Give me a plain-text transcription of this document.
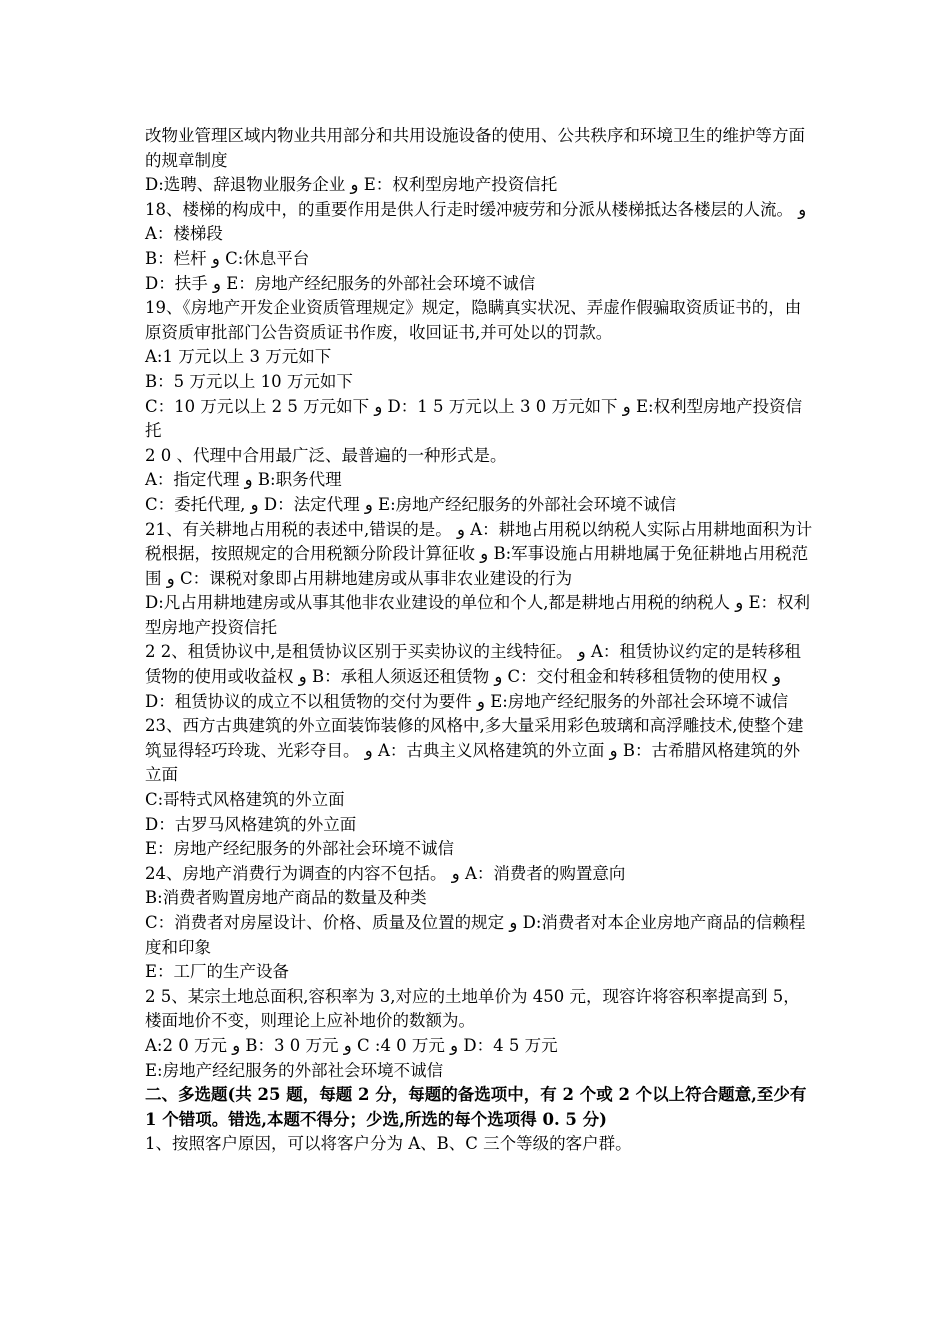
改物业管理区域内物业共用部分和共用设施设备的使用、公共秩序和环境卫生的维护等方面的规章制度

D:选聘、辞退物业服务企业 و E：权利型房地产投资信托

18、楼梯的构成中，的重要作用是供人行走时缓冲疲劳和分派从楼梯抵达各楼层的人流。 و A：楼梯段

B：栏杆 و C:休息平台

D：扶手 و E：房地产经纪服务的外部社会环境不诚信

19、《房地产开发企业资质管理规定》规定，隐瞒真实状况、弄虚作假骗取资质证书的，由原资质审批部门公告资质证书作废，收回证书,并可处以的罚款。

A:1 万元以上 3 万元如下

B：5 万元以上 10 万元如下

C：10 万元以上 2 5 万元如下 و D：1 5 万元以上 3 0 万元如下 و E:权利型房地产投资信托

2 0 、代理中合用最广泛、最普遍的一种形式是。

A：指定代理 و B:职务代理

C：委托代理, و D：法定代理 و E:房地产经纪服务的外部社会环境不诚信

21、有关耕地占用税的表述中,错误的是。 و A：耕地占用税以纳税人实际占用耕地面积为计税根据，按照规定的合用税额分阶段计算征收 و B:军事设施占用耕地属于免征耕地占用税范围 و C：课税对象即占用耕地建房或从事非农业建设的行为

D:凡占用耕地建房或从事其他非农业建设的单位和个人,都是耕地占用税的纳税人 و E：权利型房地产投资信托

2 2、租赁协议中,是租赁协议区别于买卖协议的主线特征。 و A：租赁协议约定的是转移租赁物的使用或收益权 و B：承租人须返还租赁物 و C：交付租金和转移租赁物的使用权 و D：租赁协议的成立不以租赁物的交付为要件 و E:房地产经纪服务的外部社会环境不诚信

23、西方古典建筑的外立面装饰装修的风格中,多大量采用彩色玻璃和高浮雕技术,使整个建筑显得轻巧玲珑、光彩夺目。 و A：古典主义风格建筑的外立面 و B：古希腊风格建筑的外立面

C:哥特式风格建筑的外立面

D：古罗马风格建筑的外立面

E：房地产经纪服务的外部社会环境不诚信

24、房地产消费行为调查的内容不包括。 و A：消费者的购置意向

B:消费者购置房地产商品的数量及种类

C：消费者对房屋设计、价格、质量及位置的规定 و D:消费者对本企业房地产商品的信赖程度和印象

E：工厂的生产设备

2 5、某宗土地总面积,容积率为 3,对应的土地单价为 450 元，现容许将容积率提高到 5，楼面地价不变，则理论上应补地价的数额为。

A:2 0 万元 و B：3 0 万元 و C :4 0 万元 و D：4 5 万元

E:房地产经纪服务的外部社会环境不诚信

二、多选题(共 25 题，每题 2 分，每题的备选项中，有 2 个或 2 个以上符合题意,至少有 1 个错项。错选,本题不得分；少选,所选的每个选项得 0. 5 分)

1、按照客户原因，可以将客户分为 A、B、C 三个等级的客户群。
